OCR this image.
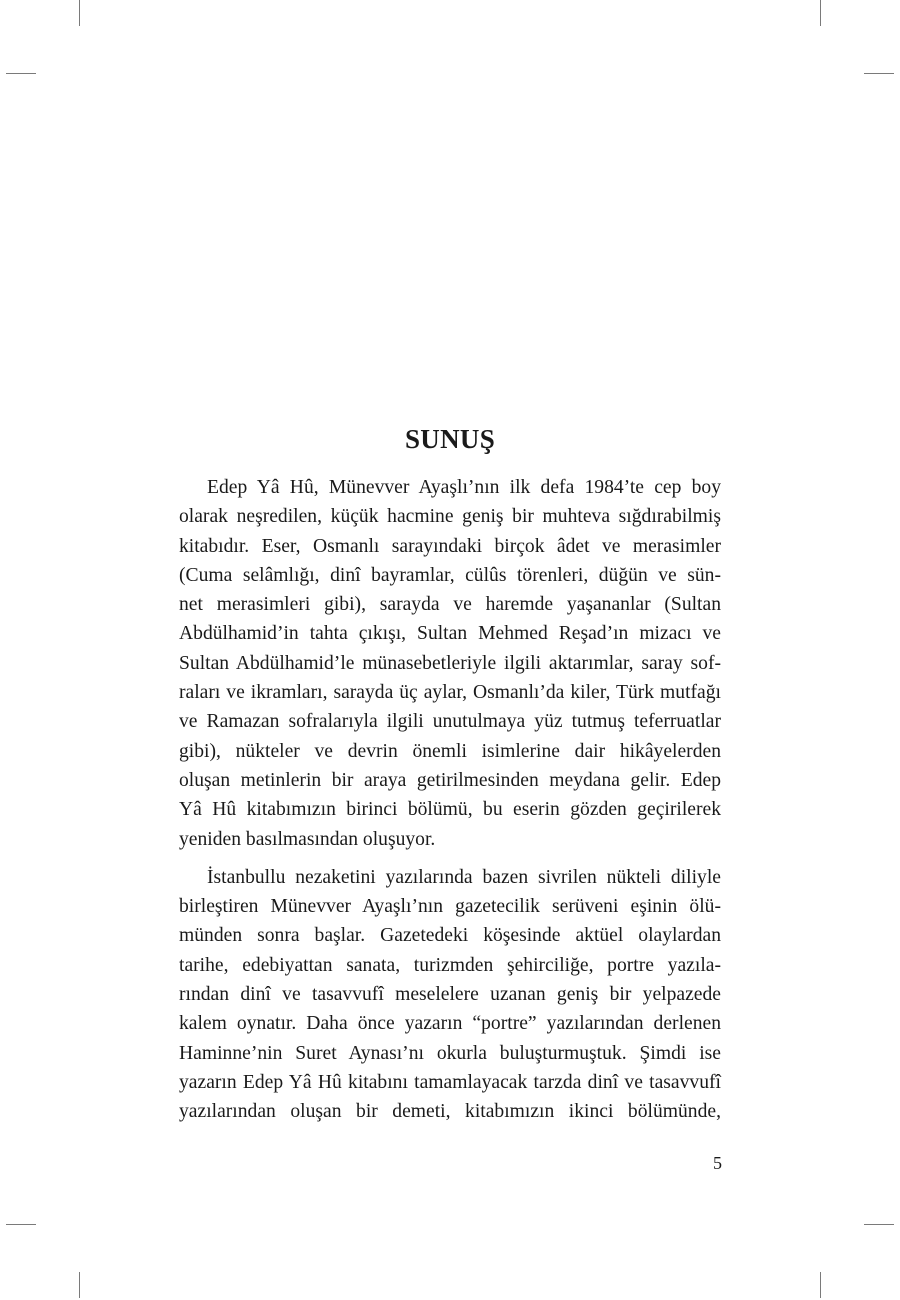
SUNUŞ

Edep Yâ Hû, Münevver Ayaşlı’nın ilk defa 1984’te cep boy
olarak neşredilen, küçük hacmine geniş bir muhteva sığdırabilmiş
kitabıdır. Eser, Osmanlı sarayındaki birçok âdet ve merasimler
(Cuma selâmlığı, dinî bayramlar, cülûs törenleri, düğün ve sün-
net merasimleri gibi), sarayda ve haremde yaşananlar (Sultan
Abdülhamid’in tahta çıkışı, Sultan Mehmed Reşad’ın mizacı ve
Sultan Abdülhamid’le münasebetleriyle ilgili aktarımlar, saray sof-
raları ve ikramları, sarayda üç aylar, Osmanlı’da kiler, Türk mutfağı
ve Ramazan sofralarıyla ilgili unutulmaya yüz tutmuş teferruatlar
gibi), nükteler ve devrin önemli isimlerine dair hikâyelerden
oluşan metinlerin bir araya getirilmesinden meydana gelir. Edep
Yâ Hû kitabımızın birinci bölümü, bu eserin gözden geçirilerek
yeniden basılmasından oluşuyor.

İstanbullu nezaketini yazılarında bazen sivrilen nükteli diliyle
birleştiren Münevver Ayaşlı’nın gazetecilik serüveni eşinin ölü-
münden sonra başlar. Gazetedeki köşesinde aktüel olaylardan
tarihe, edebiyattan sanata, turizmden şehirciliğe, portre yazıla-
rından dinî ve tasavvufî meselelere uzanan geniş bir yelpazede
kalem oynatır. Daha önce yazarın “portre” yazılarından derlenen
Haminne’nin Suret Aynası’nı okurla buluşturmuştuk. Şimdi ise
yazarın Edep Yâ Hû kitabını tamamlayacak tarzda dinî ve tasavvufî
yazılarından oluşan bir demeti, kitabımızın ikinci bölümünde,

5
